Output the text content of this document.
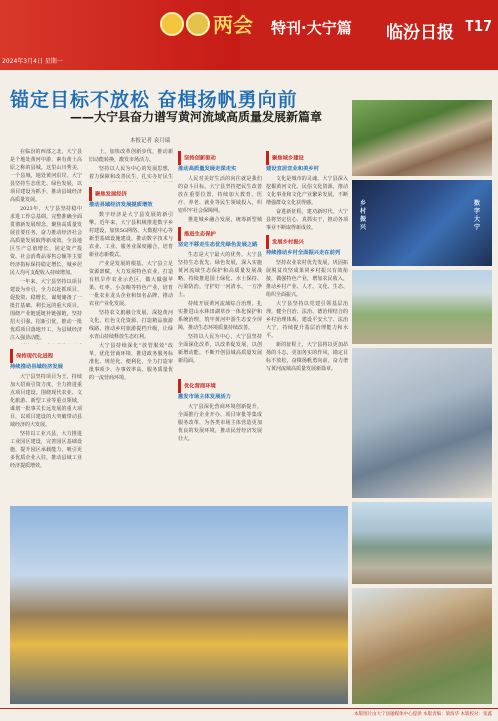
两会 特刊·大宁篇 临汾日报 T17
2024年3月4日 星期一
锚定目标不放松 奋楫扬帆勇向前
——大宁县奋力谱写黄河流域高质量发展新篇章
本报记者 袁月瑞

在临汾的西部之北，大宁县是个地处黄河中游，素有黄土高原之称的县城。这里山川秀美，一个县城，地处黄河沿岸。大宁县坚持生态优先、绿色发展，以项目建设为抓手，推动县域经济高质量发展。

2023年，大宁县坚持稳中求进工作总基调，完整准确全面贯彻新发展理念，聚焦高质量发展首要任务，奋力推动经济社会高质量发展取得新成效。全县地区生产总值增长，固定资产投资、社会消费品零售总额等主要经济指标保持稳定增长，城乡居民人均可支配收入持续增加。

一年来，大宁县坚持以项目建设为牵引，全力以赴抓项目、促投资、稳增长，谋划储备了一批打基础、利长远的重大项目。围绕产业链延链补链强链，坚持招大引强、招新引优，推动一批优质项目落地开工，为县域经济注入强劲动能。

保持现代化进程
持续推动县域经济发展

大宁县坚持项目为王，持续加大招商引资力度，全力推进重点项目建设。围绕现代农业、文化旅游、新型工业等重点领域，谋划一批事关长远发展的重大项目，以项目建设的大突破带动县域经济的大发展。

坚持以工业兴县，大力推进工业园区建设，完善园区基础设施，提升园区承载能力，吸引更多优质企业入驻，推动县域工业经济提质增效。

上，加快改革创新步伐，推动新旧动能转换，激发市场活力。

坚持以人民为中心的发展思想，着力保障和改善民生，扎实办好民生

聚焦发展经济
推动县域经济发展提质增效

数字经济是大宁县发展的新引擎。近年来，大宁县积极推进数字乡村建设，加快5G网络、大数据中心等新型基础设施建设，推动数字技术与农业、工业、服务业深度融合，培育新业态新模式。

产业是发展的根基。大宁县立足资源禀赋，大力发展特色农业，打造有机旱作农业示范区，做大做强苹果、红枣、小杂粮等特色产业，培育一批农业龙头企业和知名品牌，推动农业产业化发展。

坚持农文旅融合发展，深挖黄河文化、红色文化资源，打造精品旅游线路，推动乡村旅游提档升级，让绿水青山持续释放生态红利。

大宁县持续深化“放管服效”改革，优化营商环境，推进政务服务标准化、规范化、便利化，全力打造审批事项少、办事效率高、服务质量优的一流营商环境。

坚持创新驱动
推动高质量发展走深走实

人民对美好生活的向往就是我们的奋斗目标。大宁县坚持把民生改善放在重要位置，持续加大教育、医疗、养老、就业等民生领域投入，织密织牢社会保障网。

推进城乡融合发展，统筹新型城

推进生态保护
坚定不移走生态优先绿色发展之路

生态是大宁最大的优势。大宁县坚持生态优先、绿色发展，深入实施黄河流域生态保护和高质量发展战略，持续推进国土绿化、水土保持、污染防治，守护好一河清水、一方净土。

持续开展黄河流域综合治理，扎实推进山水林田湖草沙一体化保护和系统治理，筑牢黄河中游生态安全屏障，推动生态环境质量持续改善。

坚持以人民为中心，大宁县坚持全面深化改革，以改革促发展，以创新增动能，不断开创县域高质量发展新局面。

优化营商环境
激发市场主体发展活力

大宁县深化营商环境创新提升，全面推行企业开办、项目审批等集成服务改革，为各类市场主体营造更加优良的发展环境，推动民营经济发展壮大。

聚焦城乡建设
建设宜居宜业和美乡村

文化是城市的灵魂。大宁县深入挖掘黄河文化、民俗文化资源，推动文化事业和文化产业繁荣发展，不断增强群众文化获得感。

奋进新征程，建功新时代。大宁县将坚定信心、真抓实干，推动各项事业不断取得新成效。

发展乡村振兴
持续推动乡村全面振兴走在前列

坚持农业农村优先发展，巩固拓展脱贫攻坚成果同乡村振兴有效衔接，做强特色产业，增加农民收入，推动乡村产业、人才、文化、生态、组织全面振兴。

大宁县坚持以党建引领基层治理，健全自治、法治、德治相结合的乡村治理体系，建设平安大宁、法治大宁，持续提升基层治理能力和水平。

新的征程上，大宁县将以更加昂扬的斗志、更加务实的作风，锚定目标不放松，奋楫扬帆勇向前，奋力谱写黄河流域高质量发展新篇章。

乡村振兴
数字大宁
本版图片由大宁县融媒体中心提供 本版责编：梁海华 本版校对：张鑫
